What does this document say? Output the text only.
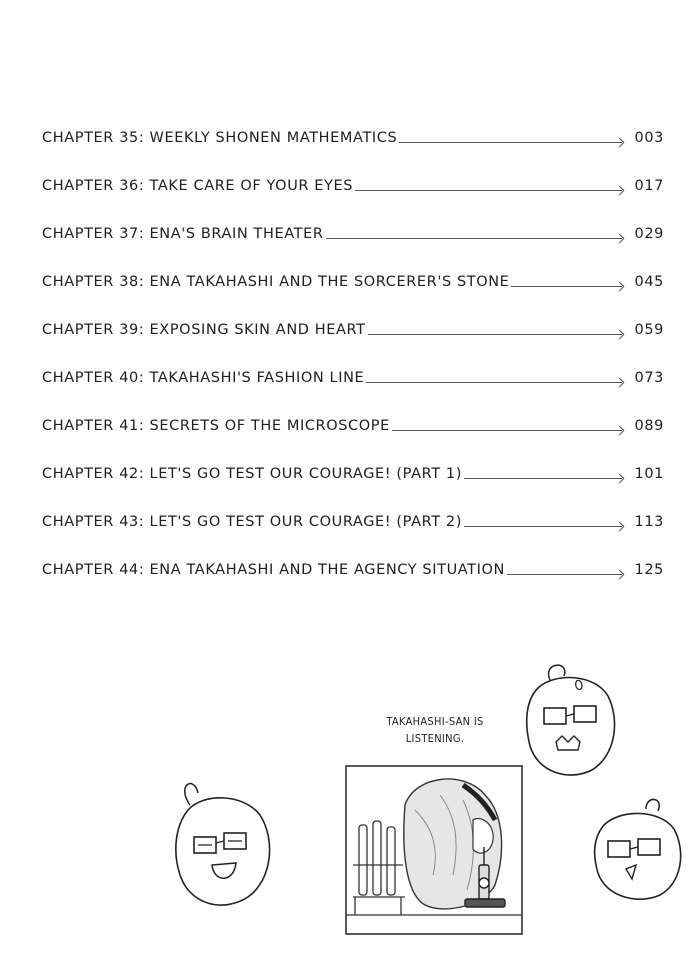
CHAPTER 35: WEEKLY SHONEN MATHEMATICS	003
CHAPTER 36: TAKE CARE OF YOUR EYES	017
CHAPTER 37: ENA'S BRAIN THEATER	029
CHAPTER 38: ENA TAKAHASHI AND THE SORCERER'S STONE	045
CHAPTER 39: EXPOSING SKIN AND HEART	059
CHAPTER 40: TAKAHASHI'S FASHION LINE	073
CHAPTER 41: SECRETS OF THE MICROSCOPE	089
CHAPTER 42: LET'S GO TEST OUR COURAGE! (PART 1)	101
CHAPTER 43: LET'S GO TEST OUR COURAGE! (PART 2)	113
CHAPTER 44: ENA TAKAHASHI AND THE AGENCY SITUATION	125
TAKAHASHI-SAN IS
LISTENING.
